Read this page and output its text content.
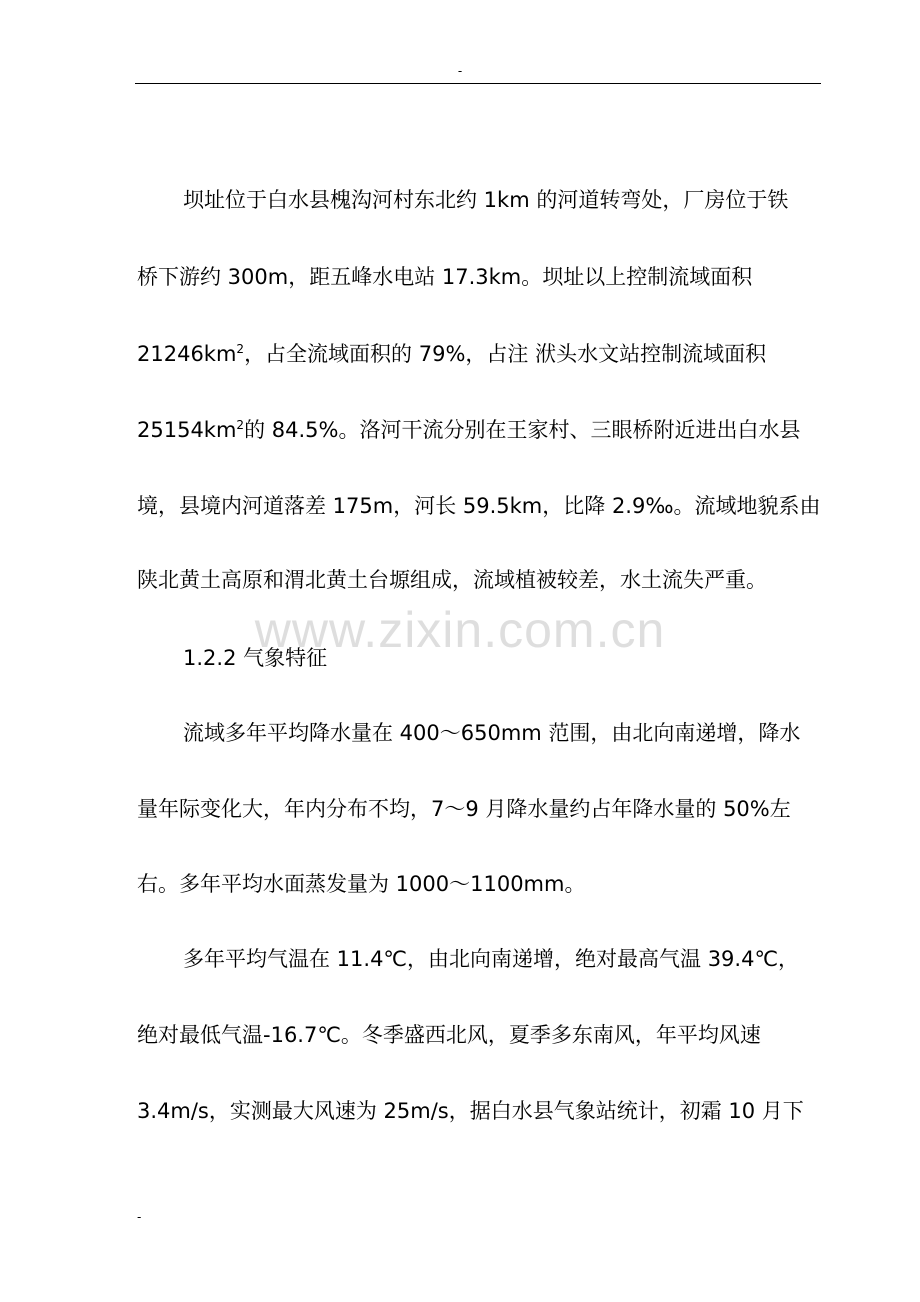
-
坝址位于白水县槐沟河村东北约 1km 的河道转弯处，厂房位于铁
桥下游约 300m，距五峰水电站 17.3km。坝址以上控制流域面积
$21246km^2$，占全流域面积的 79%，占注 洑头水文站控制流域面积
$25154km^2$的 84.5%。洛河干流分别在王家村、三眼桥附近进出白水县
境，县境内河道落差 175m，河长 59.5km，比降 2.9‰。流域地貌系由
陕北黄土高原和渭北黄土台塬组成，流域植被较差，水土流失严重。
www.zixin.com.cn
1.2.2 气象特征
流域多年平均降水量在 400～650mm 范围，由北向南递增，降水
量年际变化大，年内分布不均，7～9 月降水量约占年降水量的 50%左
右。多年平均水面蒸发量为 1000～1100mm。
多年平均气温在 11.4℃，由北向南递增，绝对最高气温 39.4℃，
绝对最低气温-16.7℃。冬季盛西北风，夏季多东南风，年平均风速
3.4m/s，实测最大风速为 25m/s，据白水县气象站统计，初霜 10 月下
-
